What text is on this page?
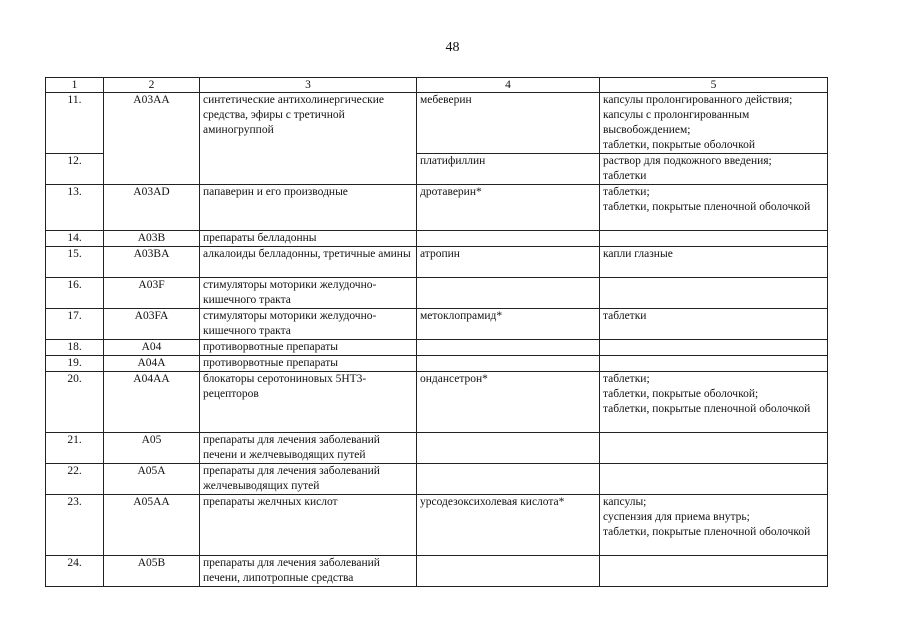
48
1	2	3	4	5
11.	A03AA	синтетические антихолинергические средства, эфиры с третичной аминогруппой	мебеверин	капсулы пролонгированного действия;
капсулы с пролонгированным высвобождением;
таблетки, покрытые оболочкой
12.			платифиллин	раствор для подкожного введения;
таблетки
13.	A03AD	папаверин и его производные	дротаверин*	таблетки;
таблетки, покрытые пленочной оболочкой
14.	A03B	препараты белладонны		
15.	A03BA	алкалоиды белладонны, третичные амины	атропин	капли глазные
16.	A03F	стимуляторы моторики желудочно-кишечного тракта		
17.	A03FA	стимуляторы моторики желудочно-кишечного тракта	метоклопрамид*	таблетки
18.	A04	противорвотные препараты		
19.	A04A	противорвотные препараты		
20.	A04AA	блокаторы серотониновых 5НТ3-рецепторов	ондансетрон*	таблетки;
таблетки, покрытые оболочкой;
таблетки, покрытые пленочной оболочкой
21.	A05	препараты для лечения заболеваний печени и желчевыводящих путей		
22.	A05A	препараты для лечения заболеваний желчевыводящих путей		
23.	A05AA	препараты желчных кислот	урсодезоксихолевая кислота*	капсулы;
суспензия для приема внутрь;
таблетки, покрытые пленочной оболочкой
24.	A05B	препараты для лечения заболеваний печени, липотропные средства		
